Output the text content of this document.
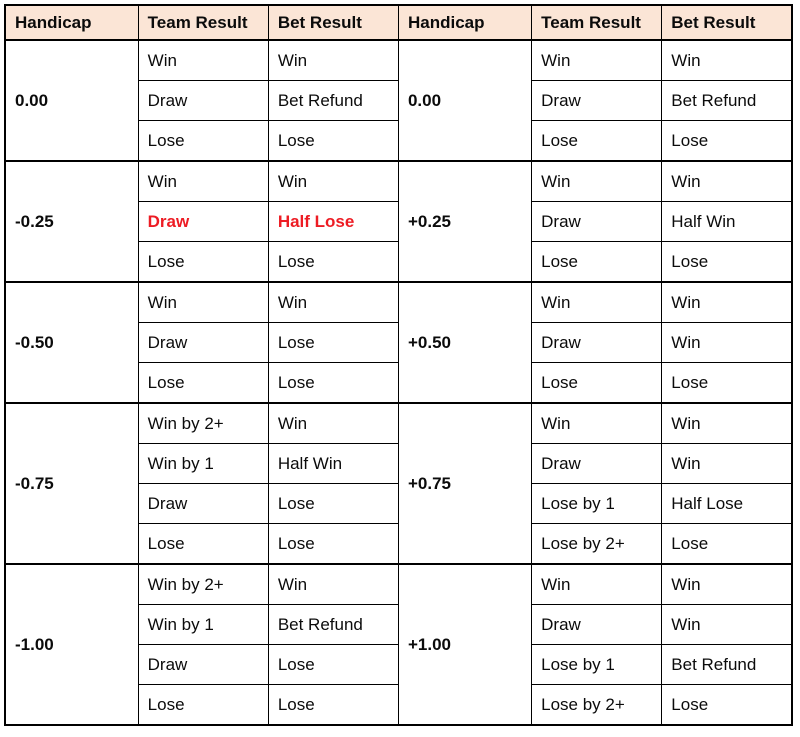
Handicap	Team Result	Bet Result	Handicap	Team Result	Bet Result
0.00	Win	Win	0.00	Win	Win
	Draw	Bet Refund		Draw	Bet Refund
	Lose	Lose		Lose	Lose
-0.25	Win	Win	+0.25	Win	Win
	Draw	Half Lose		Draw	Half Win
	Lose	Lose		Lose	Lose
-0.50	Win	Win	+0.50	Win	Win
	Draw	Lose		Draw	Win
	Lose	Lose		Lose	Lose
-0.75	Win by 2+	Win	+0.75	Win	Win
	Win by 1	Half Win		Draw	Win
	Draw	Lose		Lose by 1	Half Lose
	Lose	Lose		Lose by 2+	Lose
-1.00	Win by 2+	Win	+1.00	Win	Win
	Win by 1	Bet Refund		Draw	Win
	Draw	Lose		Lose by 1	Bet Refund
	Lose	Lose		Lose by 2+	Lose
